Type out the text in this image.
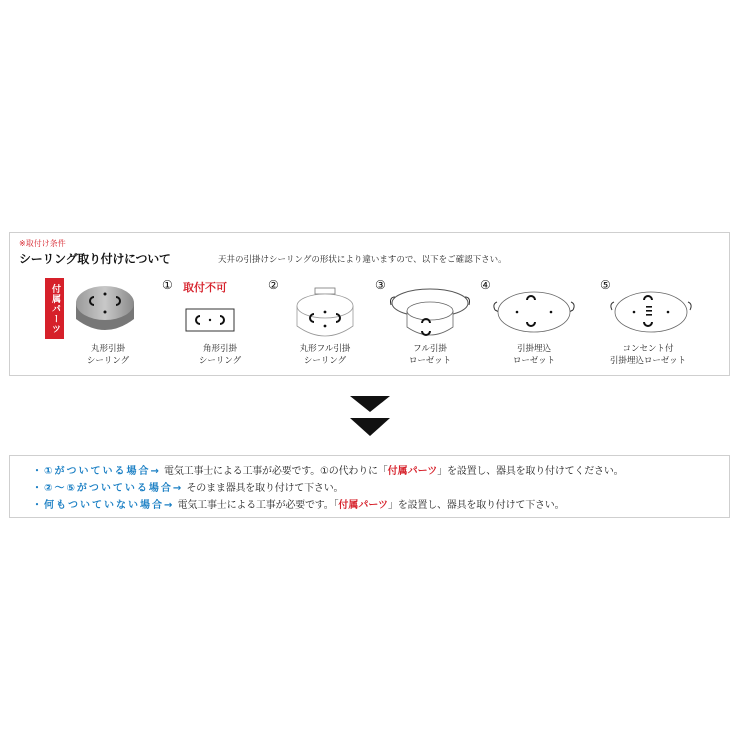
※取付け条件
シーリング取り付けについて	天井の引掛けシーリングの形状により違いますので、以下をご確認下さい。
付属パーツ
丸形引掛
シーリング
① 取付不可
角形引掛
シーリング
②
丸形フル引掛
シーリング
③
フル引掛
ローゼット
④
引掛埋込
ローゼット
⑤
コンセント付
引掛埋込ローゼット
・①がついている場合→ 電気工事士による工事が必要です。①の代わりに「付属パーツ」を設置し、器具を取り付けてください。
・②～⑤がついている場合→ そのまま器具を取り付けて下さい。
・何もついていない場合→ 電気工事士による工事が必要です。「付属パーツ」を設置し、器具を取り付けて下さい。
